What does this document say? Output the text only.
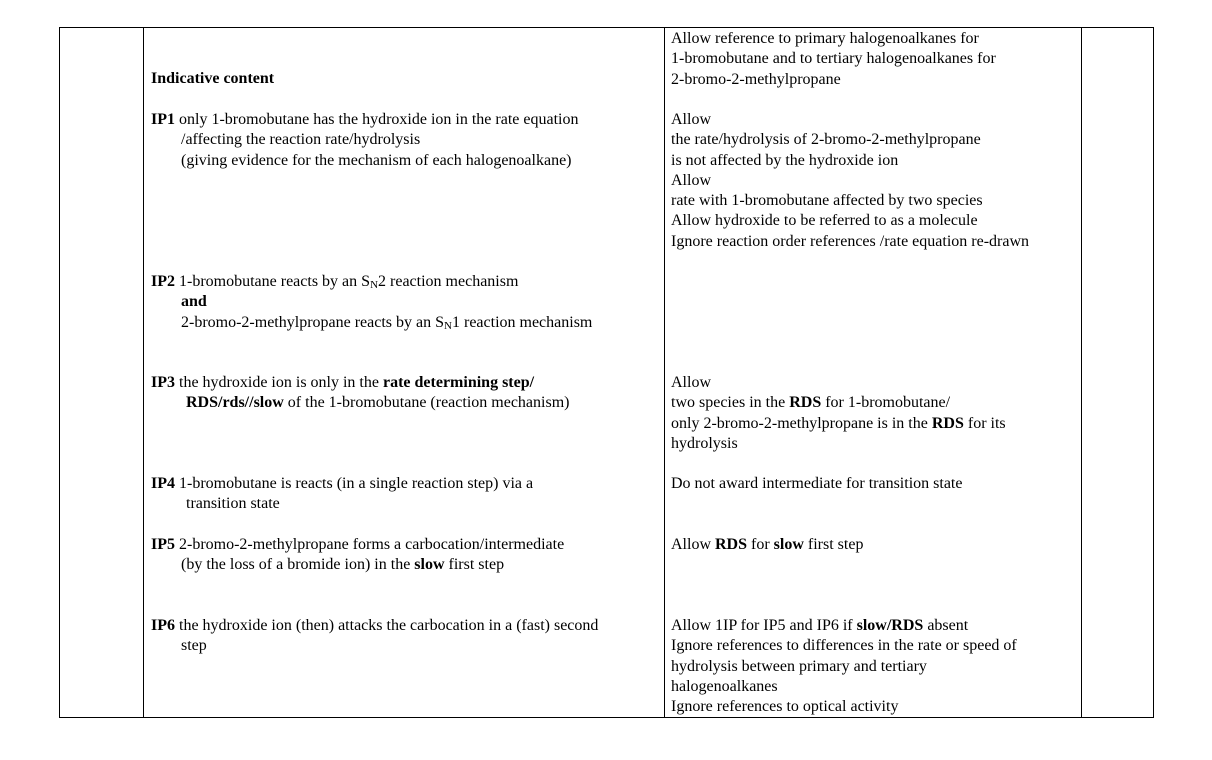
Indicative content
IP1 only 1-bromobutane has the hydroxide ion in the rate equation
/affecting the reaction rate/hydrolysis
(giving evidence for the mechanism of each halogenoalkane)
IP2 1-bromobutane reacts by an $S_N2$ reaction mechanism
and
2-bromo-2-methylpropane reacts by an $S_N1$ reaction mechanism
IP3 the hydroxide ion is only in the rate determining step/
RDS/rds//slow of the 1-bromobutane (reaction mechanism)
IP4 1-bromobutane is reacts (in a single reaction step) via a
transition state
IP5 2-bromo-2-methylpropane forms a carbocation/intermediate
(by the loss of a bromide ion) in the slow first step
IP6 the hydroxide ion (then) attacks the carbocation in a (fast) second
step
Allow reference to primary halogenoalkanes for
1-bromobutane and to tertiary halogenoalkanes for
2-bromo-2-methylpropane
Allow
the rate/hydrolysis of 2-bromo-2-methylpropane
is not affected by the hydroxide ion
Allow
rate with 1-bromobutane affected by two species
Allow hydroxide to be referred to as a molecule
Ignore reaction order references /rate equation re-drawn
Allow
two species in the RDS for 1-bromobutane/
only 2-bromo-2-methylpropane is in the RDS for its
hydrolysis
Do not award intermediate for transition state
Allow RDS for slow first step
Allow 1IP for IP5 and IP6 if slow/RDS absent
Ignore references to differences in the rate or speed of
hydrolysis between primary and tertiary
halogenoalkanes
Ignore references to optical activity
